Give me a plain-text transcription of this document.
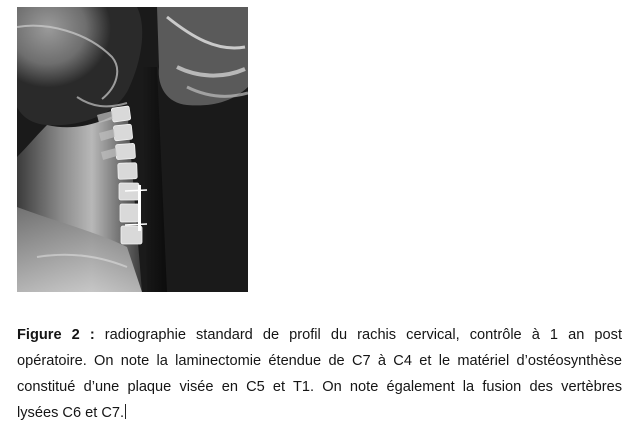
Figure 2 : radiographie standard de profil du rachis cervical, contrôle à 1 an post
opératoire. On note la laminectomie étendue de C7 à C4 et le matériel d’ostéosynthèse
constitué d’une plaque visée en C5 et T1. On note également la fusion des vertèbres
lysées C6 et C7.
